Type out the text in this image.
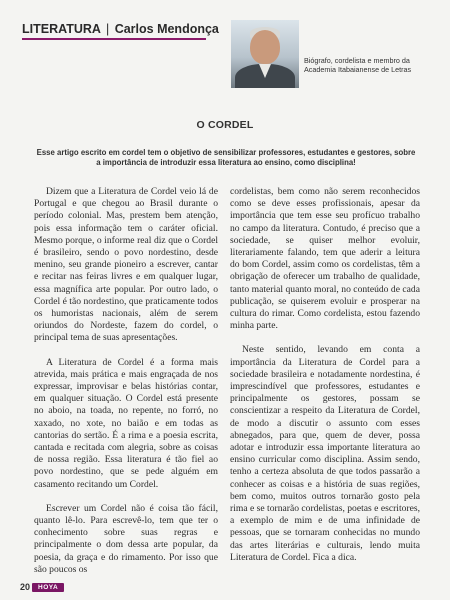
LITERATURA | Carlos Mendonça
Biógrafo, cordelista e membro da Academia Itabaianense de Letras
O CORDEL
Esse artigo escrito em cordel tem o objetivo de sensibilizar professores, estudantes e gestores, sobre a importância de introduzir essa literatura ao ensino, como disciplina!

Dizem que a Literatura de Cordel veio lá de Portugal e que chegou ao Brasil durante o período colonial. Mas, prestem bem atenção, pois essa informação tem o caráter oficial. Mesmo porque, o informe real diz que o Cordel é brasileiro, sendo o povo nordestino, desde menino, seu grande pioneiro a escrever, cantar e recitar nas feiras livres e em qualquer lugar, essa magnífica arte popular. Por outro lado, o Cordel é tão nordestino, que praticamente todos os humoristas nacionais, além de serem oriundos do Nordeste, fazem do cordel, o principal tema de suas apresentações.

A Literatura de Cordel é a forma mais atrevida, mais prática e mais engraçada de nos expressar, improvisar e belas histórias contar, em qualquer situação. O Cordel está presente no aboio, na toada, no repente, no forró, no xaxado, no xote, no baião e em todas as cantorias do sertão. É a rima e a poesia escrita, cantada e recitada com alegria, sobre as coisas de nossa região. Essa literatura é tão fiel ao povo nordestino, que se pede alguém em casamento recitando um Cordel.

Escrever um Cordel não é coisa tão fácil, quanto lê-lo. Para escrevê-lo, tem que ter o conhecimento sobre suas regras e principalmente o dom dessa arte popular, da poesia, da graça e do rimamento. Por isso que são poucos os

cordelistas, bem como não serem reconhecidos como se deve esses profissionais, apesar da importância que tem esse seu profícuo trabalho no campo da literatura. Contudo, é preciso que a sociedade, se quiser melhor evoluir, literariamente falando, tem que aderir a leitura do bom Cordel, assim como os cordelistas, têm a obrigação de oferecer um trabalho de qualidade, tanto material quanto moral, no conteúdo de cada publicação, se quiserem evoluir e prosperar na cultura do rimar. Como cordelista, estou fazendo minha parte.

Neste sentido, levando em conta a importância da Literatura de Cordel para a sociedade brasileira e notadamente nordestina, é imprescindível que professores, estudantes e principalmente os gestores, possam se conscientizar a respeito da Literatura de Cordel, de modo a discutir o assunto com esses abnegados, para que, quem de dever, possa adotar e introduzir essa importante literatura ao ensino curricular como disciplina. Assim sendo, tenho a certeza absoluta de que todos passarão a conhecer as coisas e a história de suas regiões, bem como, muitos outros tornarão gosto pela rima e se tornarão cordelistas, poetas e escritores, a exemplo de mim e de uma infinidade de pessoas, que se tornaram conhecidas no mundo das artes literárias e culturais, lendo muita Literatura de Cordel. Fica a dica.

20	HOYA
